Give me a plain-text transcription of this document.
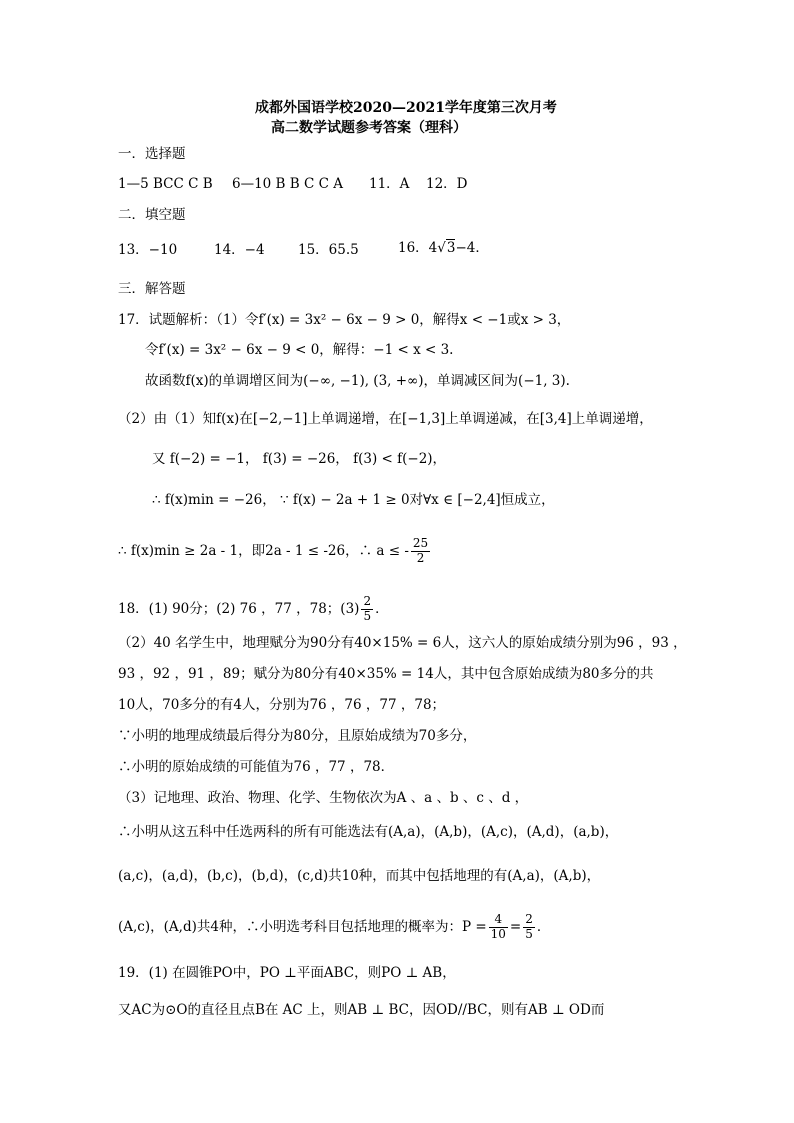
成都外国语学校2020—2021学年度第三次月考
高二数学试题参考答案（理科）
一．选择题
1—5 BCC C B 6—10 B B C C A 11．A 12．D
二．填空题
13．−10	14．−4 15．65.5	16．4√3−4．
三．解答题
17．试题解析：（1）令f′(x) = 3x² − 6x − 9 > 0，解得x < −1或x > 3，
令f′(x) = 3x² − 6x − 9 < 0，解得：−1 < x < 3.
故函数f(x)的单调增区间为(−∞, −1), (3, +∞)，单调减区间为(−1, 3).
（2）由（1）知f(x)在[−2,−1]上单调递增，在[−1,3]上单调递减，在[3,4]上单调递增，
又 f(−2) = −1， f(3) = −26， f(3) < f(−2)，
∴ f(x)min = −26， ∵ f(x) − 2a + 1 ≥ 0对∀x ∈ [−2,4]恒成立，
∴ f(x)min ≥ 2a - 1，即2a - 1 ≤ -26，∴ a ≤ - $\frac{25}{2}$
18．(1) 90分；(2) 76 ，77 ，78；$(3) \frac{2}{5}$ ．
（2）40 名学生中，地理赋分为90分有40×15% = 6人，这六人的原始成绩分别为96 ，93 ，
93 ，92 ，91 ，89；赋分为80分有40×35% = 14人，其中包含原始成绩为80多分的共
10人，70多分的有4人，分别为76 ，76 ，77 ，78；
∵小明的地理成绩最后得分为80分，且原始成绩为70多分，
∴小明的原始成绩的可能值为76 ，77 ，78．
（3）记地理、政治、物理、化学、生物依次为A 、a 、b 、c 、d ，
∴小明从这五科中任选两科的所有可能选法有(A,a)，(A,b)，(A,c)，(A,d)，(a,b)，
(a,c)，(a,d)，(b,c)，(b,d)，(c,d)共10种，而其中包括地理的有(A,a)，(A,b)，
(A,c)，(A,d)共4种，∴小明选考科目包括地理的概率为：$P = \frac{4}{10} = \frac{2}{5}$ ．
19．(1) 在圆锥PO中，PO ⊥平面ABC，则PO ⊥ AB，
又AC为⊙O的直径且点B在 AC 上，则AB ⊥ BC，因OD//BC，则有AB ⊥ OD而
